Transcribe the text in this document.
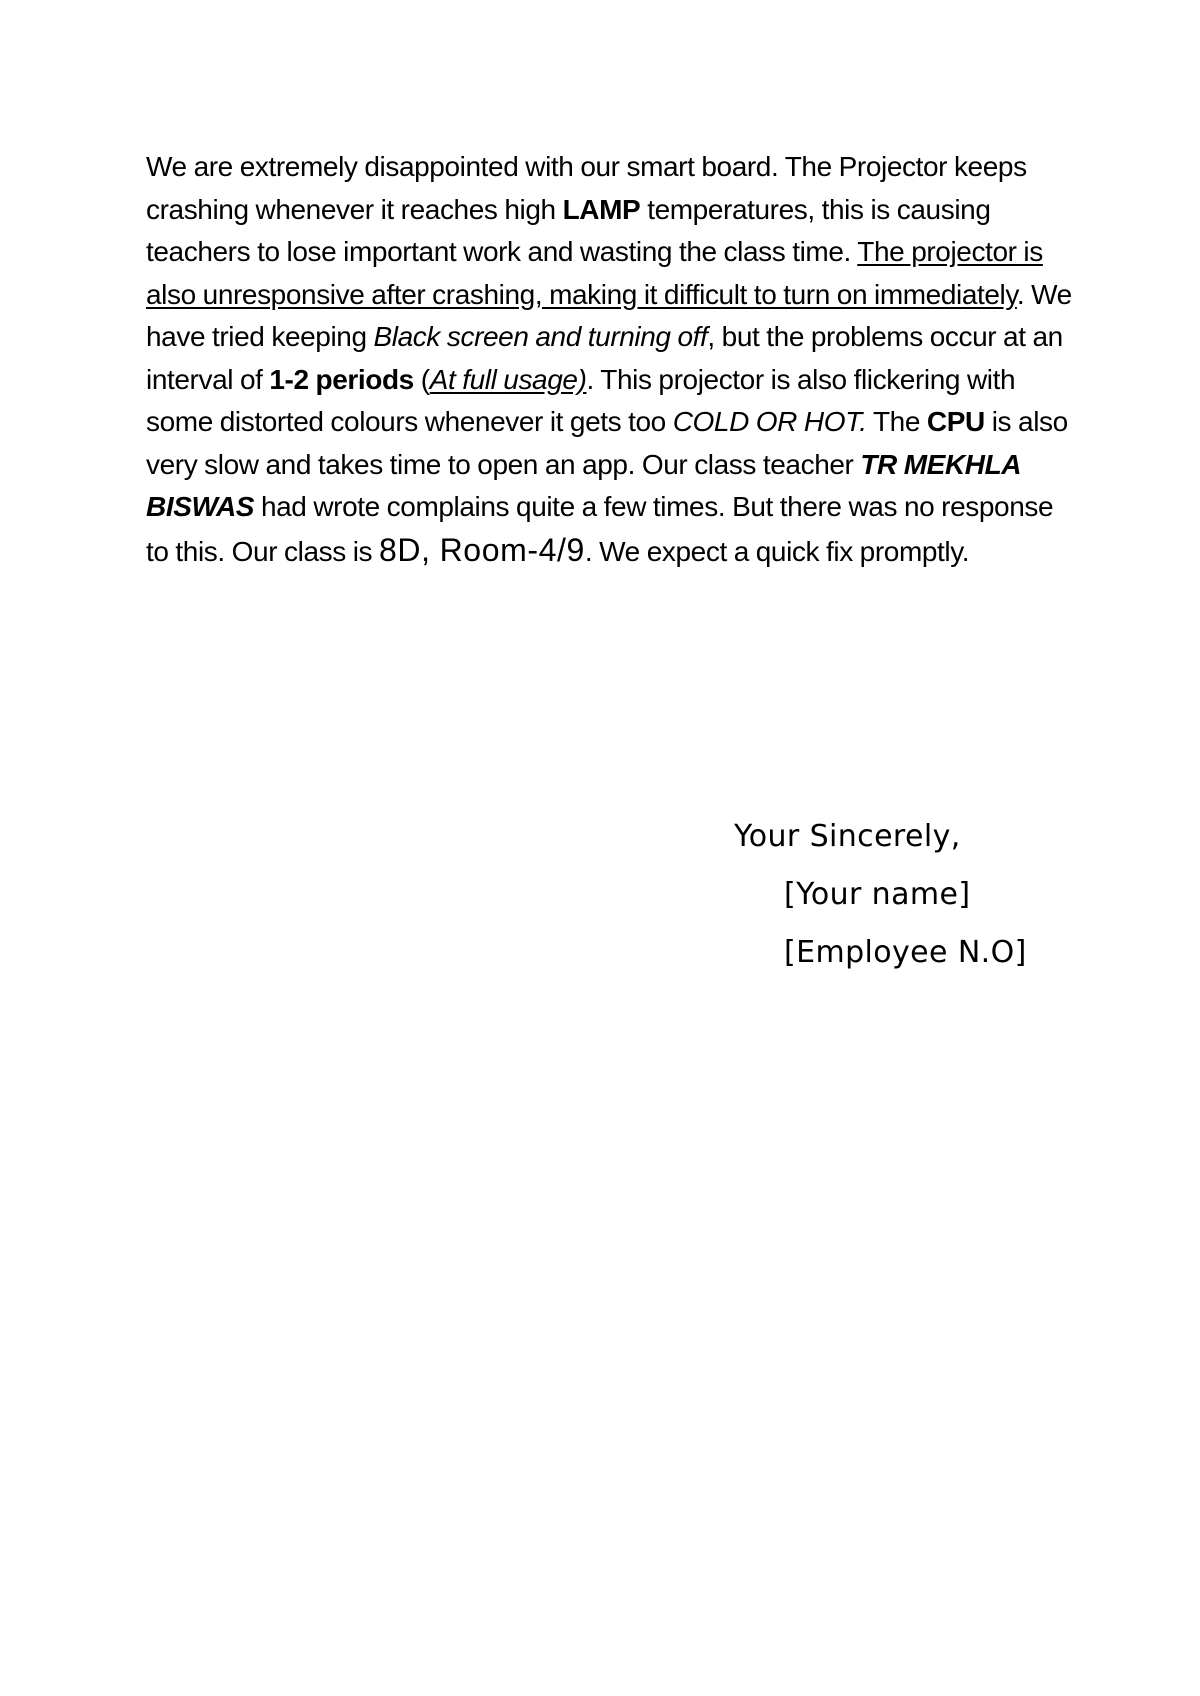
We are extremely disappointed with our smart board. The Projector keeps crashing whenever it reaches high LAMP temperatures, this is causing teachers to lose important work and wasting the class time. The projector is also unresponsive after crashing, making it difficult to turn on immediately. We have tried keeping Black screen and turning off, but the problems occur at an interval of 1-2 periods (At full usage). This projector is also flickering with some distorted colours whenever it gets too COLD OR HOT. The CPU is also very slow and takes time to open an app. Our class teacher TR MEKHLA BISWAS had wrote complains quite a few times. But there was no response to this. Our class is 8D, Room-4/9. We expect a quick fix promptly.
Your Sincerely,
[Your name]
[Employee N.O]
